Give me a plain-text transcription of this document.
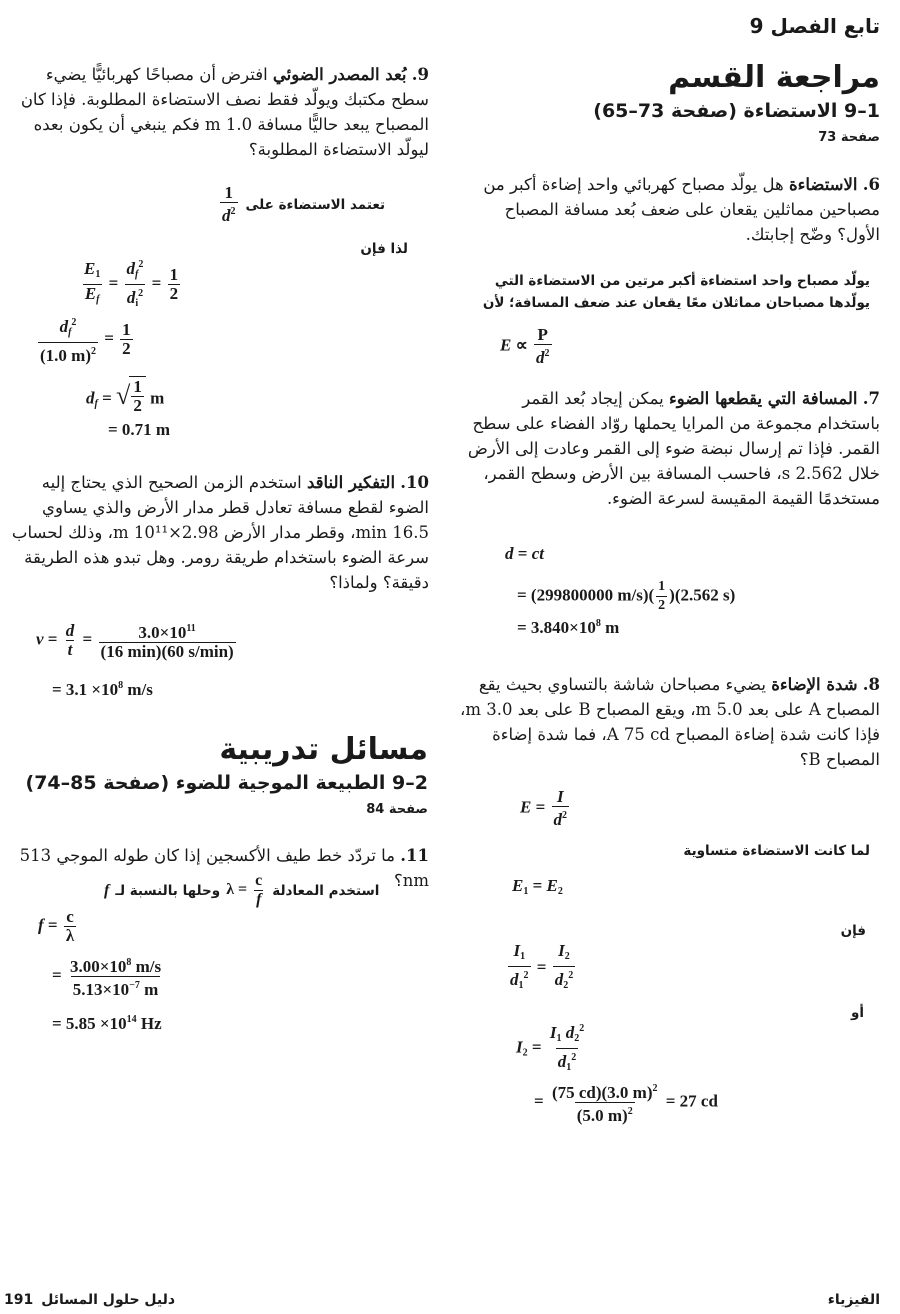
تابع الفصل 9
مراجعة القسم
1–9 الاستضاءة (صفحة 73–65)
صفحة 73
6. الاستضاءة هل يولّد مصباح كهربائي واحد إضاءة أكبر من مصباحين مماثلين يقعان على ضعف بُعد مسافة المصباح الأول؟ وضّح إجابتك.
يولّد مصباح واحد استضاءة أكبر مرتين من الاستضاءة التي يولّدها مصباحان مماثلان معًا يقعان عند ضعف المسافة؛ لأن
$E \propto \frac{P}{d^2}$
7. المسافة التي يقطعها الضوء يمكن إيجاد بُعد القمر باستخدام مجموعة من المرايا يحملها روّاد الفضاء على سطح القمر. فإذا تم إرسال نبضة ضوء إلى القمر وعادت إلى الأرض خلال 2.562 s، فاحسب المسافة بين الأرض وسطح القمر، مستخدمًا القيمة المقيسة لسرعة الضوء.
d = ct
= (299800000 $m/s)( \frac{1}{2} )(2.562$ s)
= $3.840\times 10^8$ m
8. شدة الإضاءة يضيء مصباحان شاشة بالتساوي بحيث يقع المصباح A على بعد 5.0 m، ويقع المصباح B على بعد 3.0 m، فإذا كانت شدة إضاءة المصباح A 75 cd، فما شدة إضاءة المصباح B؟
$E = \frac{I}{d^2}$
لما كانت الاستضاءة متساوية
$E_1 = E_2$
فإن
$\frac{I_1}{d_1^2} = \frac{I_2}{d_2^2}$
أو
$I_2 = \frac{I_1 d_2^2}{d_1^2}$
= $\frac{(75 cd)(3.0 m)^2}{(5.0 m)^2} = 27$ cd
9. بُعد المصدر الضوئي افترض أن مصباحًا كهربائيًّا يضيء سطح مكتبك ويولّد فقط نصف الاستضاءة المطلوبة. فإذا كان المصباح يبعد حاليًّا مسافة 1.0 m فكم ينبغي أن يكون بعده ليولّد الاستضاءة المطلوبة؟
تعتمد الاستضاءة على
$\frac{1}{d^2}$
لذا فإن
$\frac{E_1}{E_f} = \frac{d_f^2}{d_i^2} = \frac{1}{2}$
$\frac{d_f^2}{(1.0 m)^2} = \frac{1}{2}$
$d_f$ = √ $\frac{1}{2}$ m
= 0.71 m
10. التفكير الناقد استخدم الزمن الصحيح الذي يحتاج إليه الضوء لقطع مسافة تعادل قطر مدار الأرض والذي يساوي 16.5 min، وقطر مدار الأرض 2.98×10¹¹ m، وذلك لحساب سرعة الضوء باستخدام طريقة رومر. وهل تبدو هذه الطريقة دقيقة؟ ولماذا؟
$v = \frac{d}{t} = \frac{3.0\times 10^{11}}{(16 \min)(60 s/\min)}$
= $3.1 \times 10^8$ m/s
مسائل تدريبية
2–9 الطبيعة الموجية للضوء (صفحة 85–74)
صفحة 84
11. ما تردّد خط طيف الأكسجين إذا كان طوله الموجي 513 nm؟
استخدم المعادلة
$\lambda = \frac{c}{f}$
وحلها بالنسبة لـ
f
$f = \frac{c}{\lambda}$
= $\frac{3.00\times 10^8 m/s}{5.13\times 10^{-7} m}$
= $5.85 \times 10^{14}$ Hz
دليل حلول المسائل
191	الفيزياء
